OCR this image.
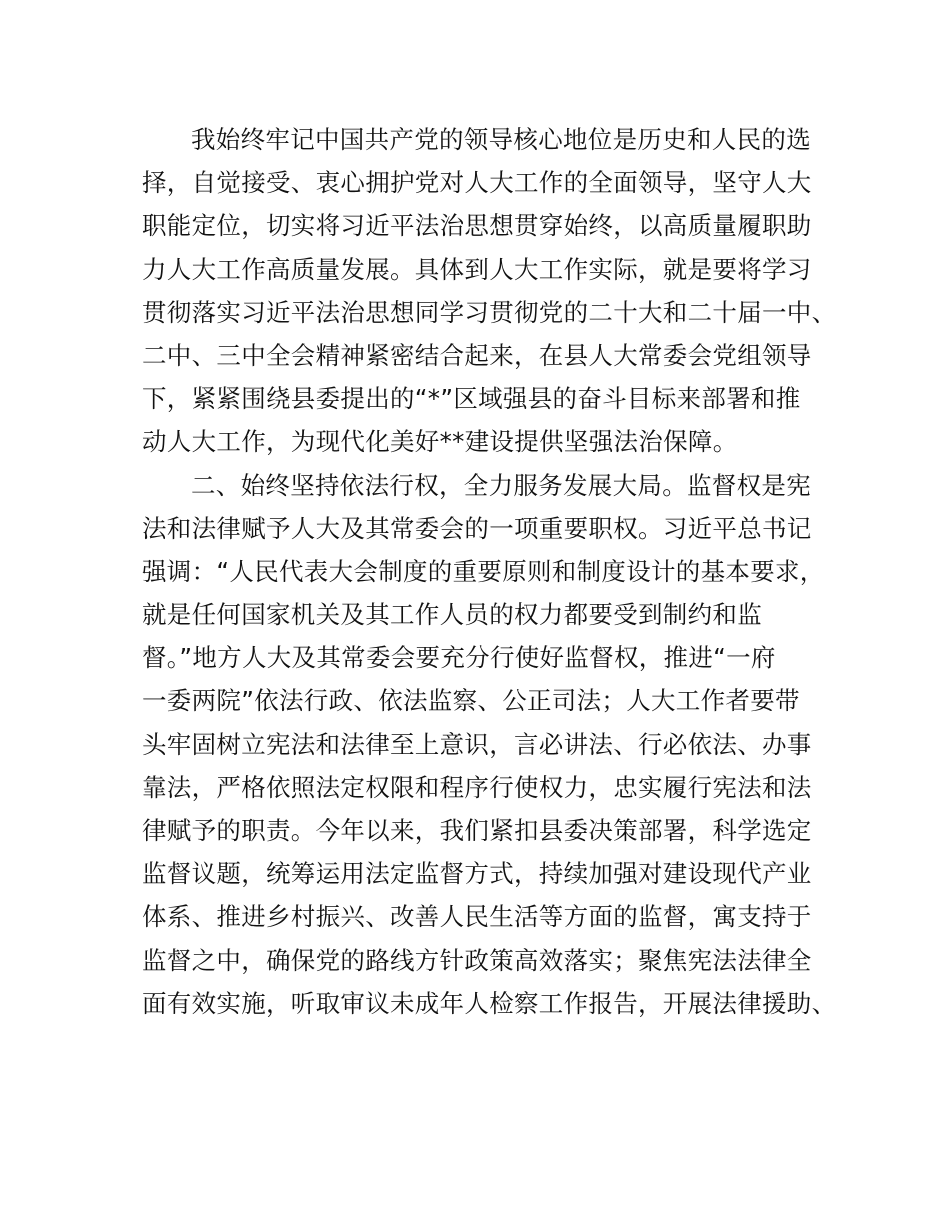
我始终牢记中国共产党的领导核心地位是历史和人民的选
择，自觉接受、衷心拥护党对人大工作的全面领导，坚守人大
职能定位，切实将习近平法治思想贯穿始终，以高质量履职助
力人大工作高质量发展。具体到人大工作实际，就是要将学习
贯彻落实习近平法治思想同学习贯彻党的二十大和二十届一中、
二中、三中全会精神紧密结合起来，在县人大常委会党组领导
下，紧紧围绕县委提出的“*”区域强县的奋斗目标来部署和推
动人大工作，为现代化美好**建设提供坚强法治保障。
二、始终坚持依法行权，全力服务发展大局。监督权是宪
法和法律赋予人大及其常委会的一项重要职权。习近平总书记
强调：“人民代表大会制度的重要原则和制度设计的基本要求，
就是任何国家机关及其工作人员的权力都要受到制约和监
督。”地方人大及其常委会要充分行使好监督权，推进“一府
一委两院”依法行政、依法监察、公正司法；人大工作者要带
头牢固树立宪法和法律至上意识，言必讲法、行必依法、办事
靠法，严格依照法定权限和程序行使权力，忠实履行宪法和法
律赋予的职责。今年以来，我们紧扣县委决策部署，科学选定
监督议题，统筹运用法定监督方式，持续加强对建设现代产业
体系、推进乡村振兴、改善人民生活等方面的监督，寓支持于
监督之中，确保党的路线方针政策高效落实；聚焦宪法法律全
面有效实施，听取审议未成年人检察工作报告，开展法律援助、
